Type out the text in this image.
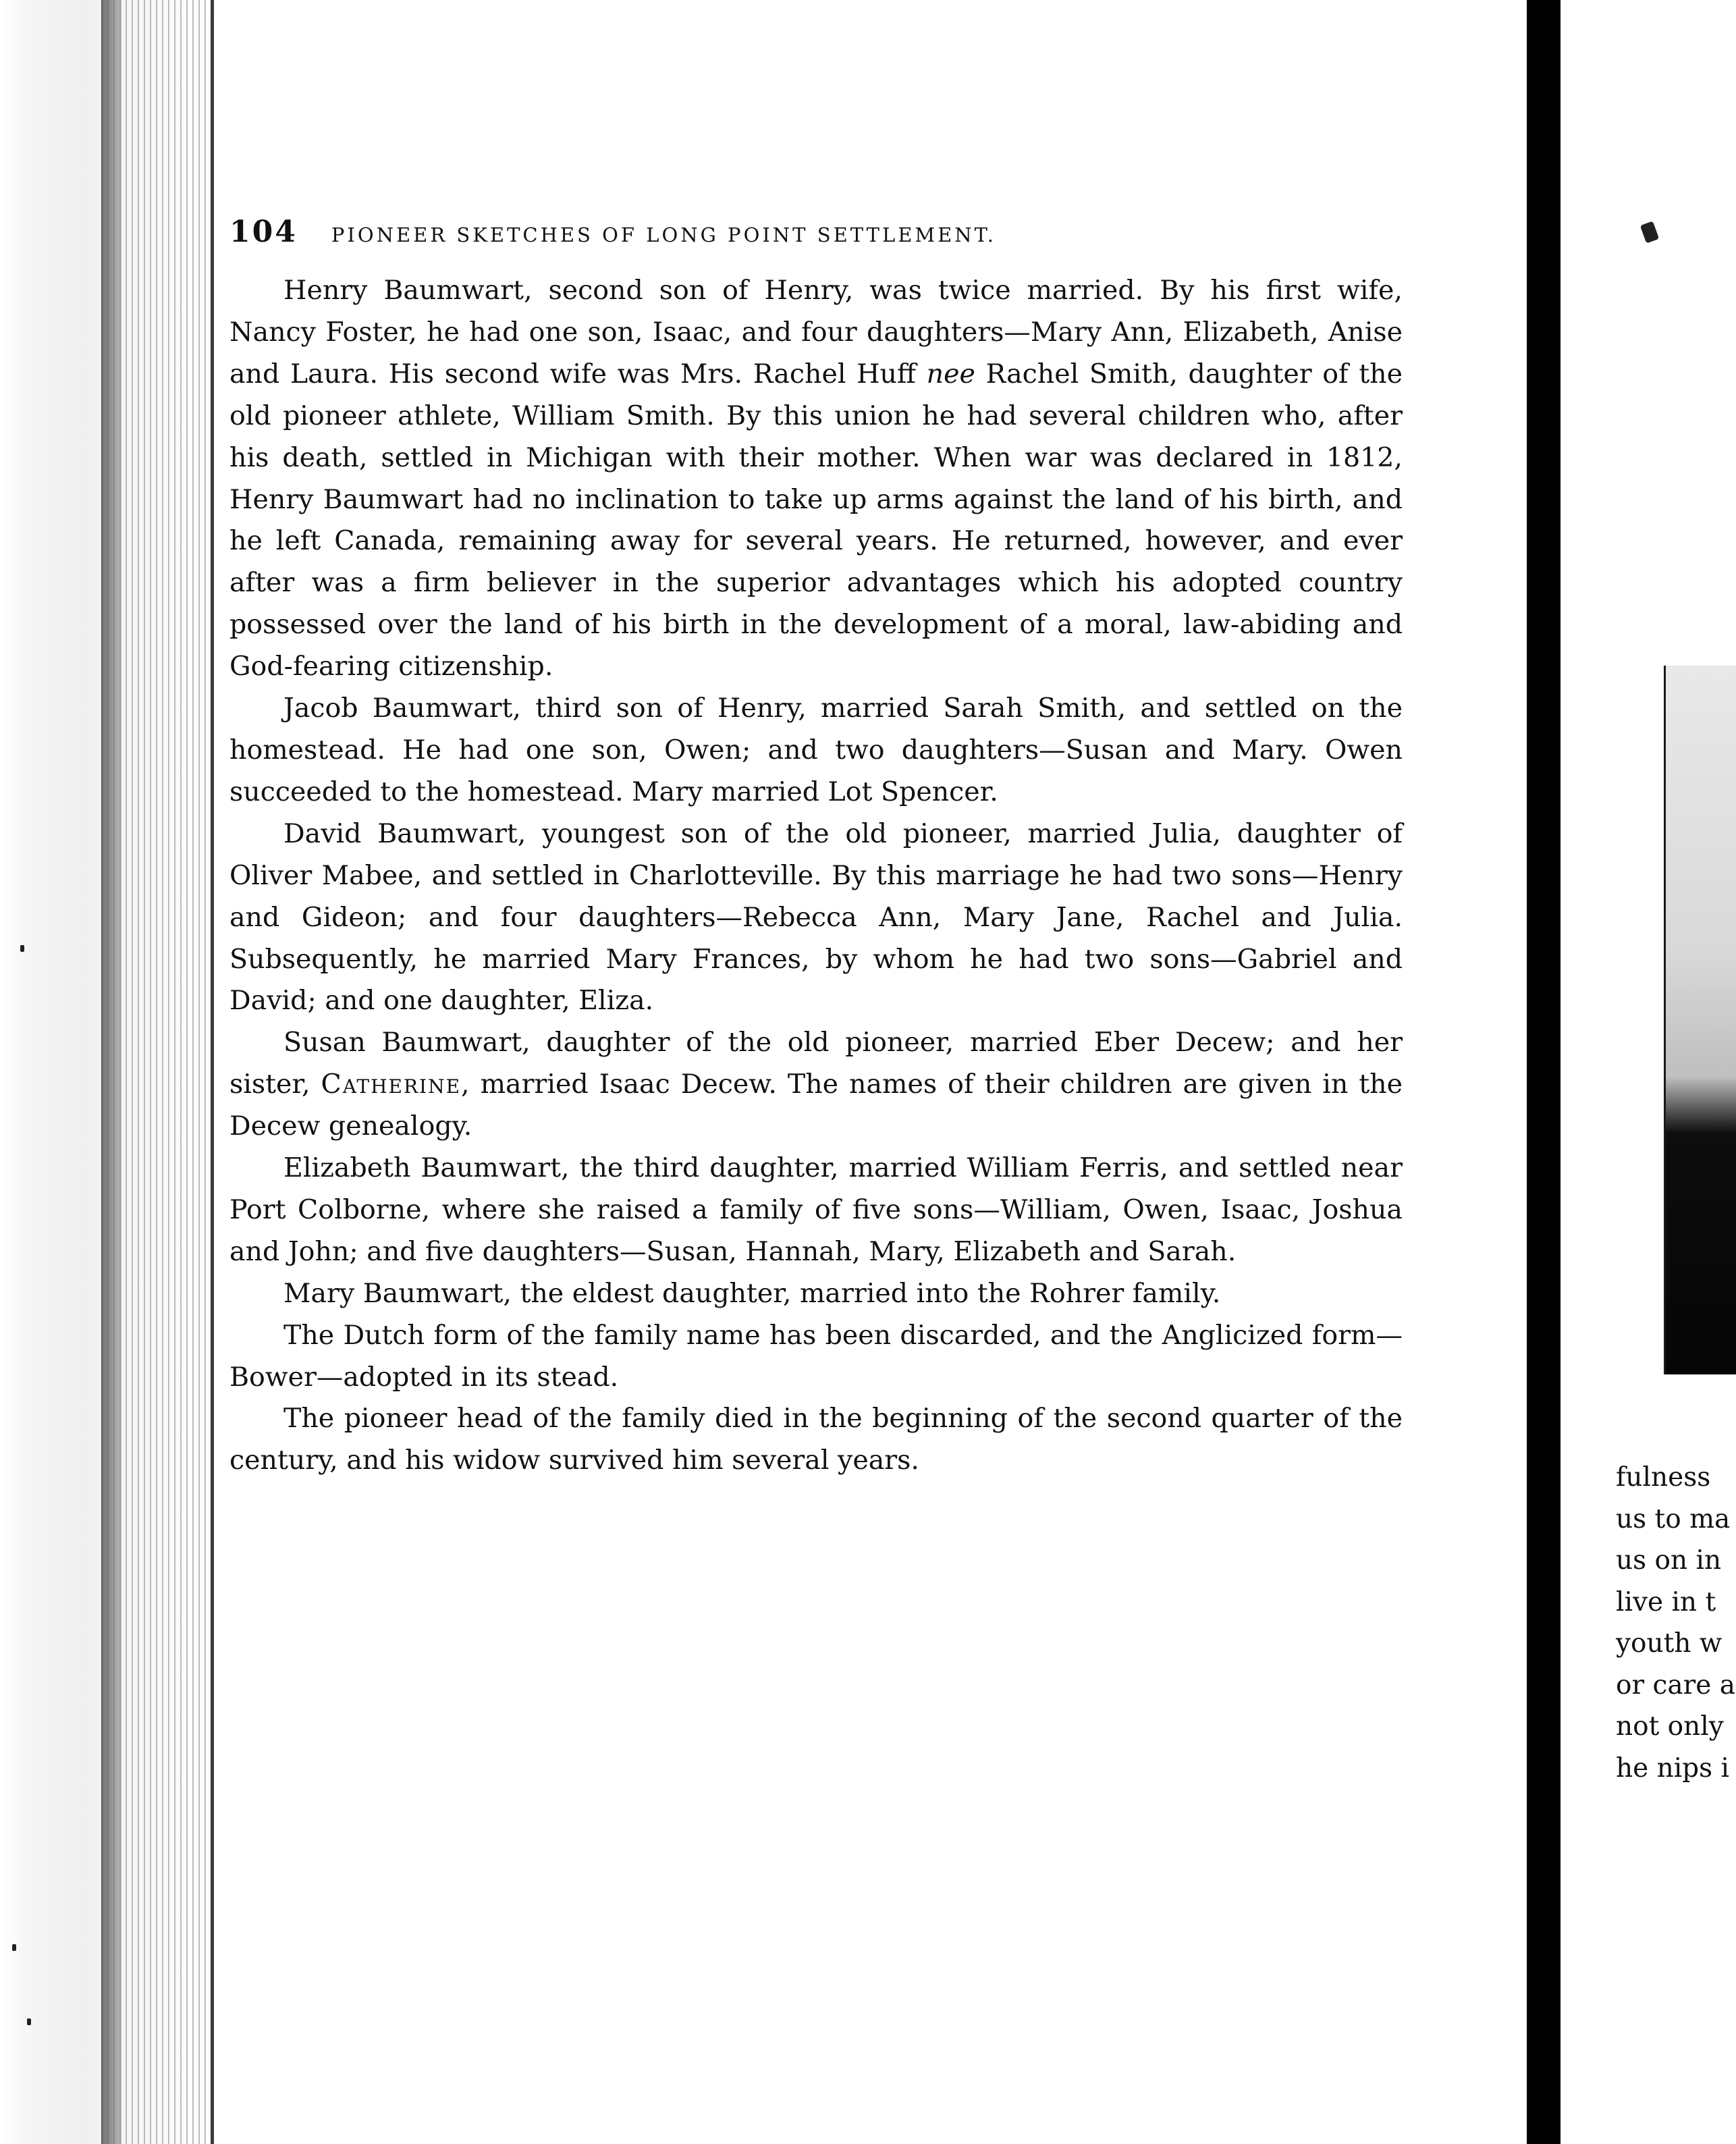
104 PIONEER SKETCHES OF LONG POINT SETTLEMENT.

Henry Baumwart, second son of Henry, was twice married. By his first wife, Nancy Foster, he had one son, Isaac, and four daughters—Mary Ann, Elizabeth, Anise and Laura. His second wife was Mrs. Rachel Huff nee Rachel Smith, daughter of the old pioneer athlete, William Smith. By this union he had several children who, after his death, settled in Michigan with their mother. When war was declared in 1812, Henry Baumwart had no inclination to take up arms against the land of his birth, and he left Canada, remaining away for several years. He returned, however, and ever after was a firm believer in the superior advantages which his adopted country possessed over the land of his birth in the development of a moral, law-abiding and God-fearing citizenship.

Jacob Baumwart, third son of Henry, married Sarah Smith, and settled on the homestead. He had one son, Owen; and two daughters—Susan and Mary. Owen succeeded to the homestead. Mary married Lot Spencer.

David Baumwart, youngest son of the old pioneer, married Julia, daughter of Oliver Mabee, and settled in Charlotteville. By this marriage he had two sons—Henry and Gideon; and four daughters—Rebecca Ann, Mary Jane, Rachel and Julia. Subsequently, he married Mary Frances, by whom he had two sons—Gabriel and David; and one daughter, Eliza.

Susan Baumwart, daughter of the old pioneer, married Eber Decew; and her sister, Catherine, married Isaac Decew. The names of their children are given in the Decew genealogy.

Elizabeth Baumwart, the third daughter, married William Ferris, and settled near Port Colborne, where she raised a family of five sons—William, Owen, Isaac, Joshua and John; and five daughters—Susan, Hannah, Mary, Elizabeth and Sarah.

Mary Baumwart, the eldest daughter, married into the Rohrer family.

The Dutch form of the family name has been discarded, and the Anglicized form—Bower—adopted in its stead.

The pioneer head of the family died in the beginning of the second quarter of the century, and his widow survived him several years.

fulness
us to ma
us on in
live in t
youth w
or care a
not only
he nips i
